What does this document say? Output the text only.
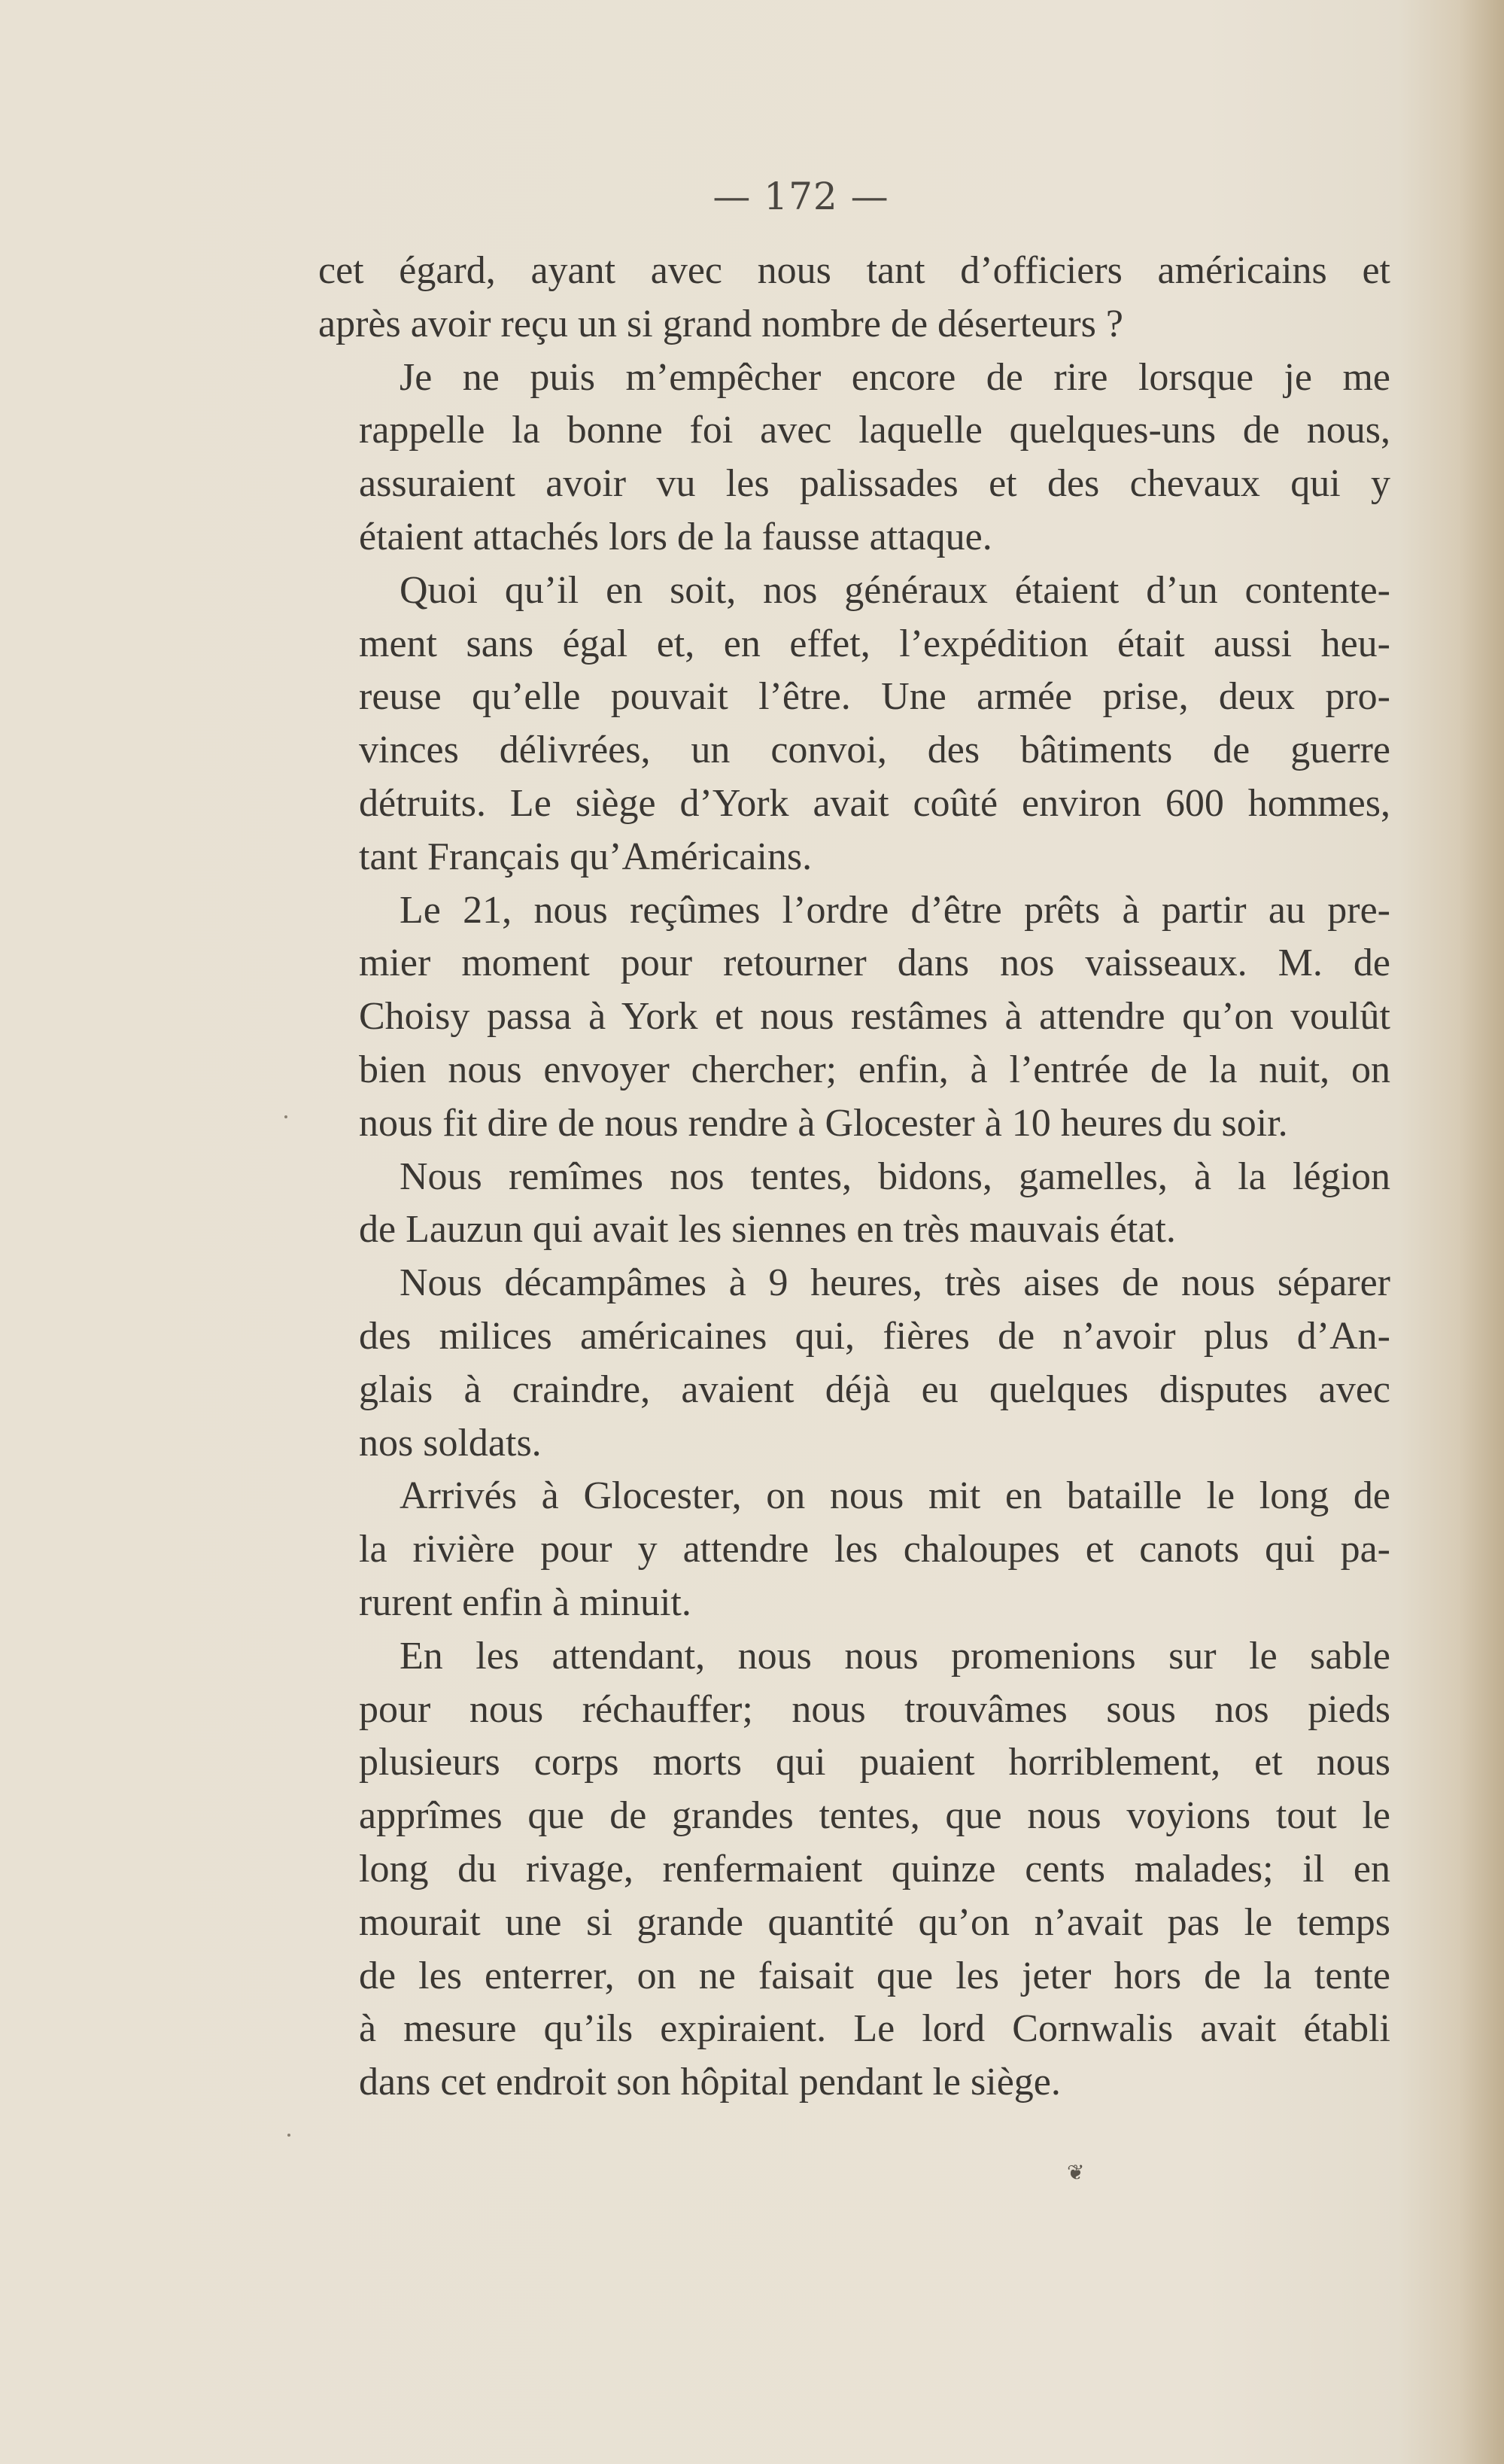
— 172 —
cet égard, ayant avec nous tant d’officiers américains et
après avoir reçu un si grand nombre de déserteurs ?
Je ne puis m’empêcher encore de rire lorsque je me
rappelle la bonne foi avec laquelle quelques-uns de nous,
assuraient avoir vu les palissades et des chevaux qui y
étaient attachés lors de la fausse attaque.
Quoi qu’il en soit, nos généraux étaient d’un contente-
ment sans égal et, en effet, l’expédition était aussi heu-
reuse qu’elle pouvait l’être. Une armée prise, deux pro-
vinces délivrées, un convoi, des bâtiments de guerre
détruits. Le siège d’York avait coûté environ 600 hommes,
tant Français qu’Américains.
Le 21, nous reçûmes l’ordre d’être prêts à partir au pre-
mier moment pour retourner dans nos vaisseaux. M. de
Choisy passa à York et nous restâmes à attendre qu’on voulût
bien nous envoyer chercher; enfin, à l’entrée de la nuit, on
nous fit dire de nous rendre à Glocester à 10 heures du soir.
Nous remîmes nos tentes, bidons, gamelles, à la légion
de Lauzun qui avait les siennes en très mauvais état.
Nous décampâmes à 9 heures, très aises de nous séparer
des milices américaines qui, fières de n’avoir plus d’An-
glais à craindre, avaient déjà eu quelques disputes avec
nos soldats.
Arrivés à Glocester, on nous mit en bataille le long de
la rivière pour y attendre les chaloupes et canots qui pa-
rurent enfin à minuit.
En les attendant, nous nous promenions sur le sable
pour nous réchauffer; nous trouvâmes sous nos pieds
plusieurs corps morts qui puaient horriblement, et nous
apprîmes que de grandes tentes, que nous voyions tout le
long du rivage, renfermaient quinze cents malades; il en
mourait une si grande quantité qu’on n’avait pas le temps
de les enterrer, on ne faisait que les jeter hors de la tente
à mesure qu’ils expiraient. Le lord Cornwalis avait établi
dans cet endroit son hôpital pendant le siège.
❦
